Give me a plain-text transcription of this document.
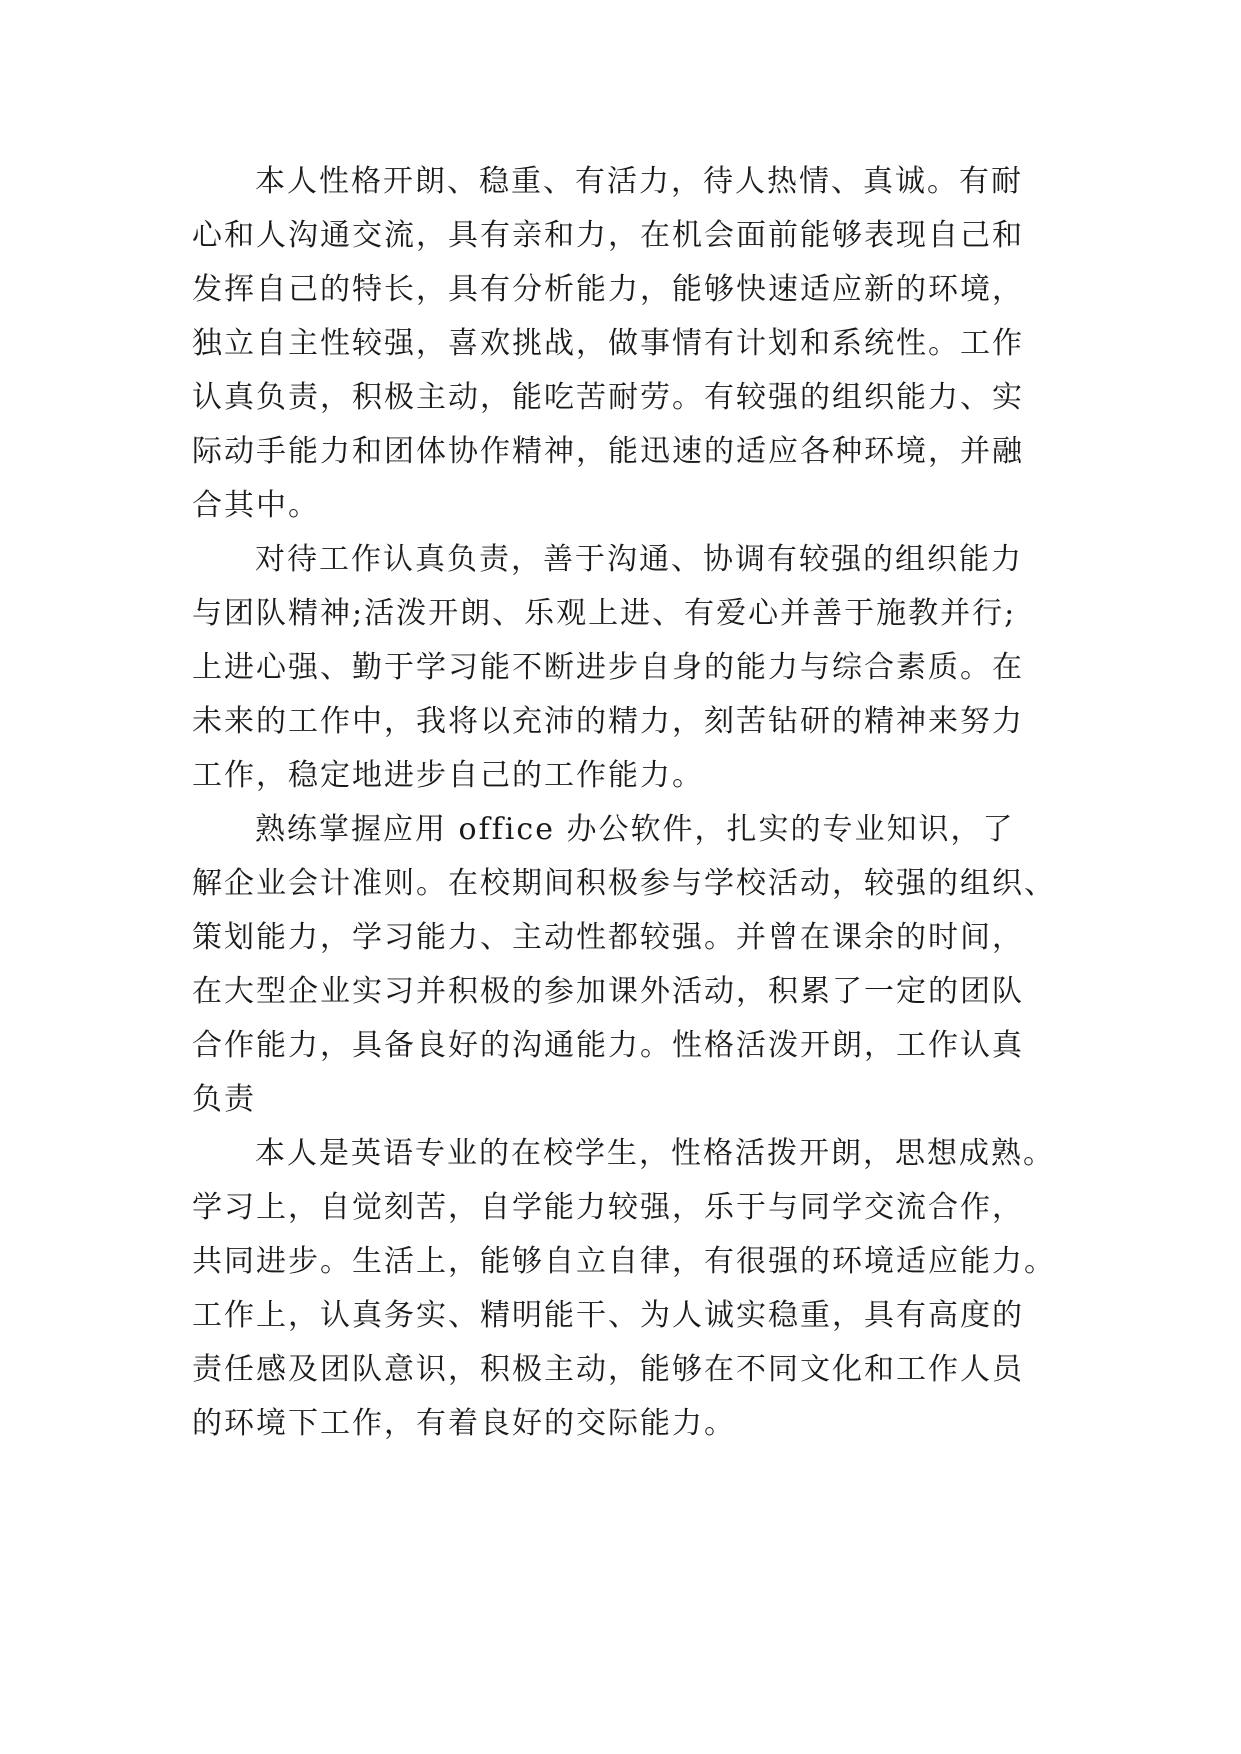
本人性格开朗、稳重、有活力，待人热情、真诚。有耐
心和人沟通交流，具有亲和力，在机会面前能够表现自己和
发挥自己的特长，具有分析能力，能够快速适应新的环境，
独立自主性较强，喜欢挑战，做事情有计划和系统性。工作
认真负责，积极主动，能吃苦耐劳。有较强的组织能力、实
际动手能力和团体协作精神，能迅速的适应各种环境，并融
合其中。
对待工作认真负责，善于沟通、协调有较强的组织能力
与团队精神;活泼开朗、乐观上进、有爱心并善于施教并行;
上进心强、勤于学习能不断进步自身的能力与综合素质。在
未来的工作中，我将以充沛的精力，刻苦钻研的精神来努力
工作，稳定地进步自己的工作能力。
熟练掌握应用 office 办公软件，扎实的专业知识，了
解企业会计准则。在校期间积极参与学校活动，较强的组织、
策划能力，学习能力、主动性都较强。并曾在课余的时间，
在大型企业实习并积极的参加课外活动，积累了一定的团队
合作能力，具备良好的沟通能力。性格活泼开朗，工作认真
负责
本人是英语专业的在校学生，性格活拨开朗，思想成熟。
学习上，自觉刻苦，自学能力较强，乐于与同学交流合作，
共同进步。生活上，能够自立自律，有很强的环境适应能力。
工作上，认真务实、精明能干、为人诚实稳重，具有高度的
责任感及团队意识，积极主动，能够在不同文化和工作人员
的环境下工作，有着良好的交际能力。
